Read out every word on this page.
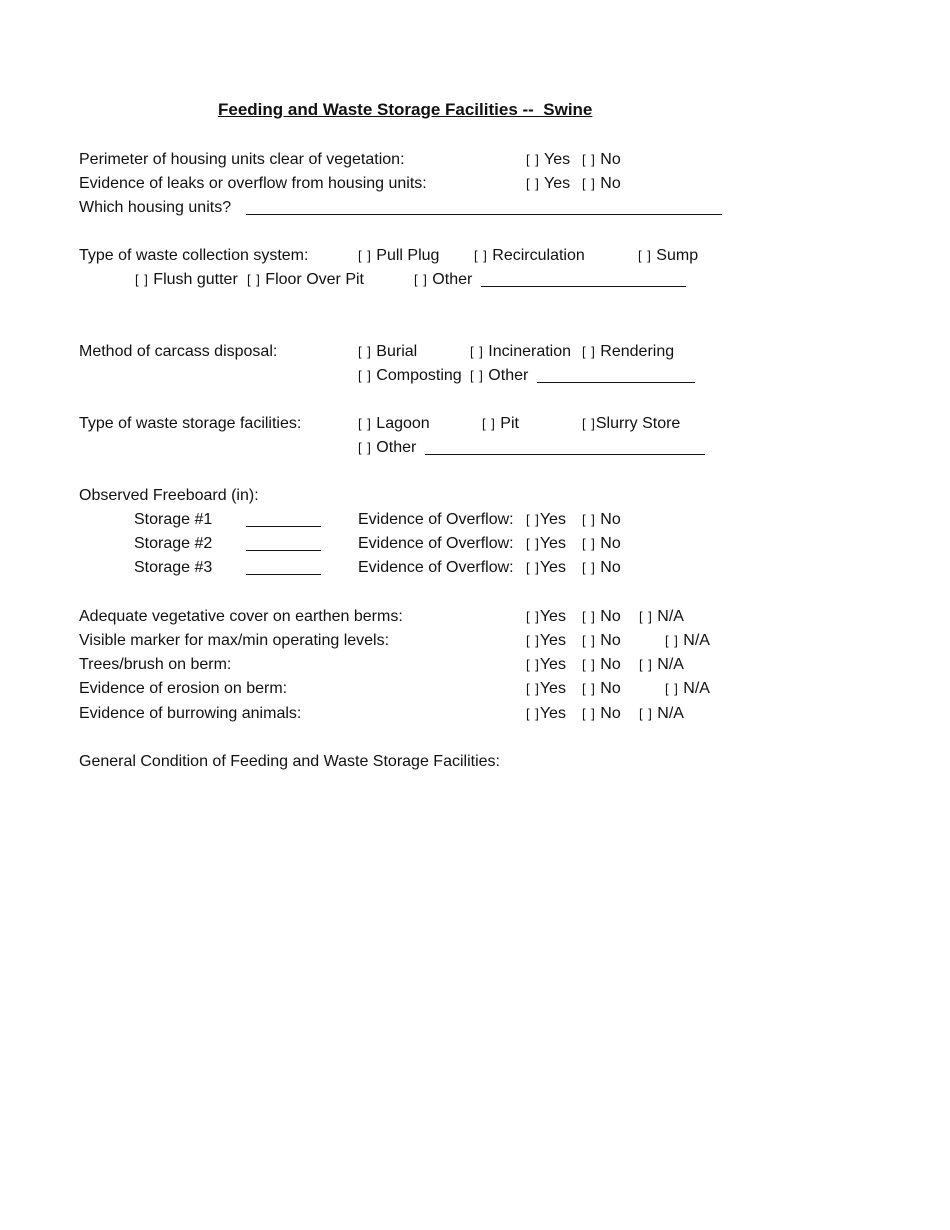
Feeding and Waste Storage Facilities --  Swine
Perimeter of housing units clear of vegetation:	[ ] Yes [ ] No
Evidence of leaks or overflow from housing units:	[ ] Yes [ ] No
Which housing units?
Type of waste collection system:	[ ] Pull Plug	[ ] Recirculation	[ ] Sump
[ ] Flush gutter [ ] Floor Over Pit	[ ] Other
Method of carcass disposal:	[ ] Burial	[ ] Incineration [ ] Rendering
[ ] Composting [ ] Other
Type of waste storage facilities:	[ ] Lagoon	[ ] Pit	[ ]Slurry Store
[ ] Other
Observed Freeboard (in):
Storage #1	Evidence of Overflow: [ ]Yes [ ] No
Storage #2	Evidence of Overflow: [ ]Yes [ ] No
Storage #3	Evidence of Overflow: [ ]Yes [ ] No
Adequate vegetative cover on earthen berms:	[ ]Yes [ ] No [ ] N/A
Visible marker for max/min operating levels:	[ ]Yes [ ] No	[ ] N/A
Trees/brush on berm:	[ ]Yes [ ] No [ ] N/A
Evidence of erosion on berm:	[ ]Yes [ ] No	[ ] N/A
Evidence of burrowing animals:	[ ]Yes [ ] No [ ] N/A
General Condition of Feeding and Waste Storage Facilities:
